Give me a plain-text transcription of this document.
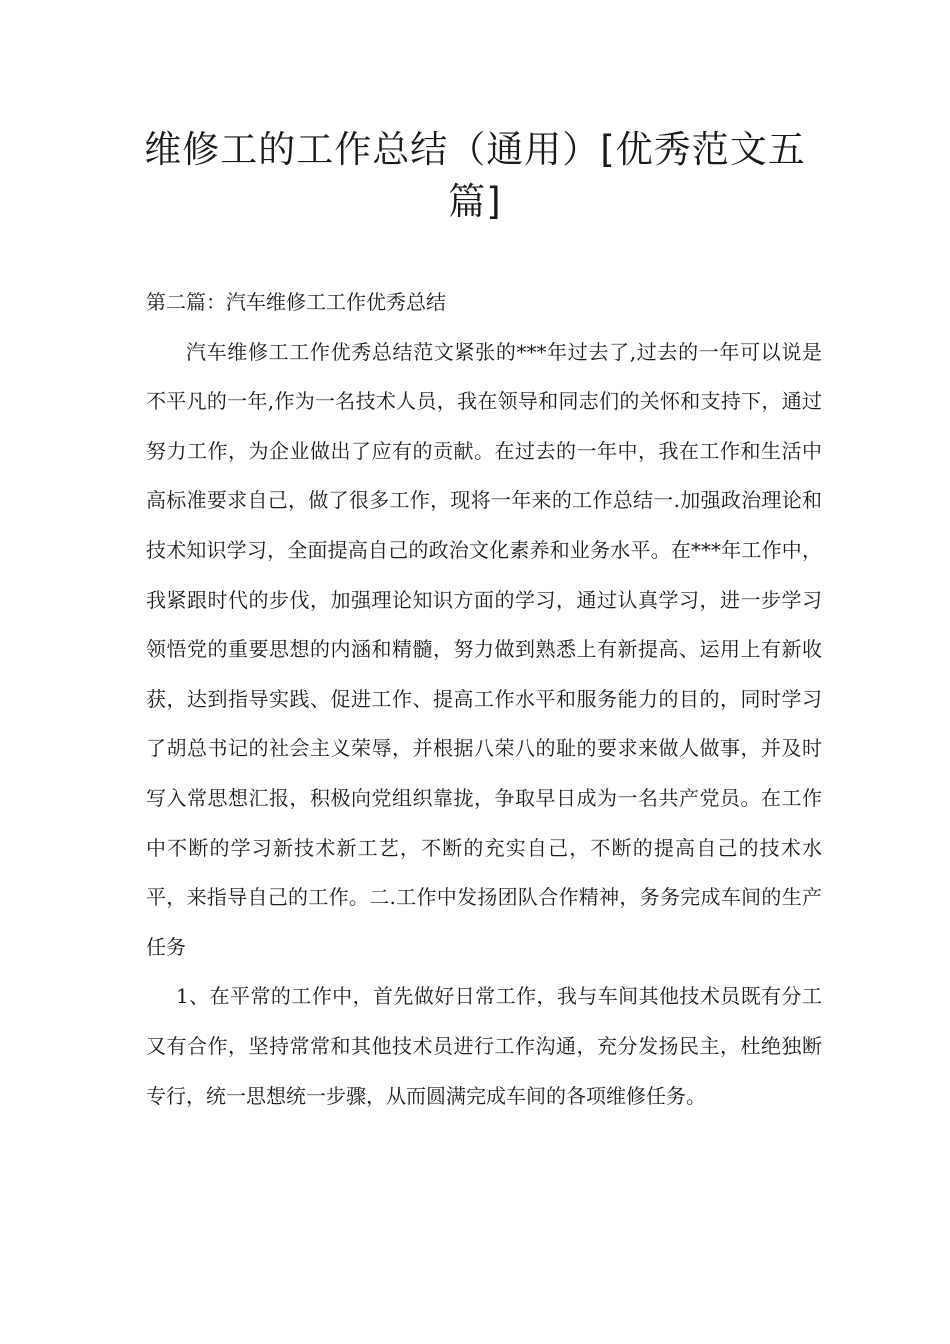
维修工的工作总结（通用）[优秀范文五篇]

第二篇：汽车维修工工作优秀总结

汽车维修工工作优秀总结范文紧张的***年过去了,过去的一年可以说是不平凡的一年,作为一名技术人员，我在领导和同志们的关怀和支持下，通过努力工作，为企业做出了应有的贡献。在过去的一年中，我在工作和生活中高标准要求自己，做了很多工作，现将一年来的工作总结一.加强政治理论和技术知识学习，全面提高自己的政治文化素养和业务水平。在***年工作中，我紧跟时代的步伐，加强理论知识方面的学习，通过认真学习，进一步学习领悟党的重要思想的内涵和精髓，努力做到熟悉上有新提高、运用上有新收获，达到指导实践、促进工作、提高工作水平和服务能力的目的，同时学习了胡总书记的社会主义荣辱，并根据八荣八的耻的要求来做人做事，并及时写入常思想汇报，积极向党组织靠拢，争取早日成为一名共产党员。在工作中不断的学习新技术新工艺，不断的充实自己，不断的提高自己的技术水平，来指导自己的工作。二.工作中发扬团队合作精神，务务完成车间的生产任务

1、在平常的工作中，首先做好日常工作，我与车间其他技术员既有分工又有合作，坚持常常和其他技术员进行工作沟通，充分发扬民主，杜绝独断专行，统一思想统一步骤，从而圆满完成车间的各项维修任务。
